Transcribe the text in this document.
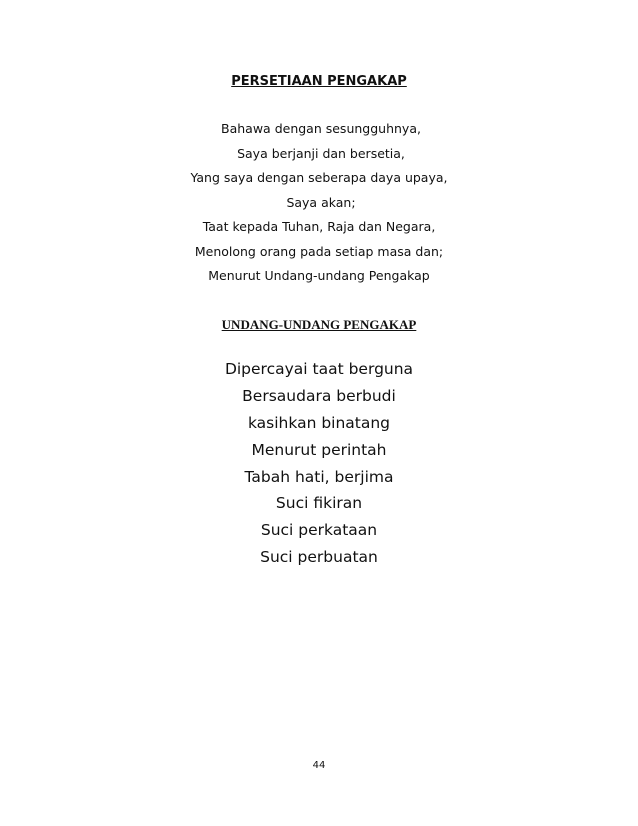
PERSETIAAN PENGAKAP
Bahawa dengan sesungguhnya,
Saya berjanji dan bersetia,
Yang saya dengan seberapa daya upaya,
Saya akan;
Taat kepada Tuhan, Raja dan Negara,
Menolong orang pada setiap masa dan;
Menurut Undang-undang Pengakap
UNDANG-UNDANG PENGAKAP
Dipercayai taat berguna
Bersaudara berbudi
kasihkan binatang
Menurut perintah
Tabah hati, berjima
Suci fikiran
Suci perkataan
Suci perbuatan
44
